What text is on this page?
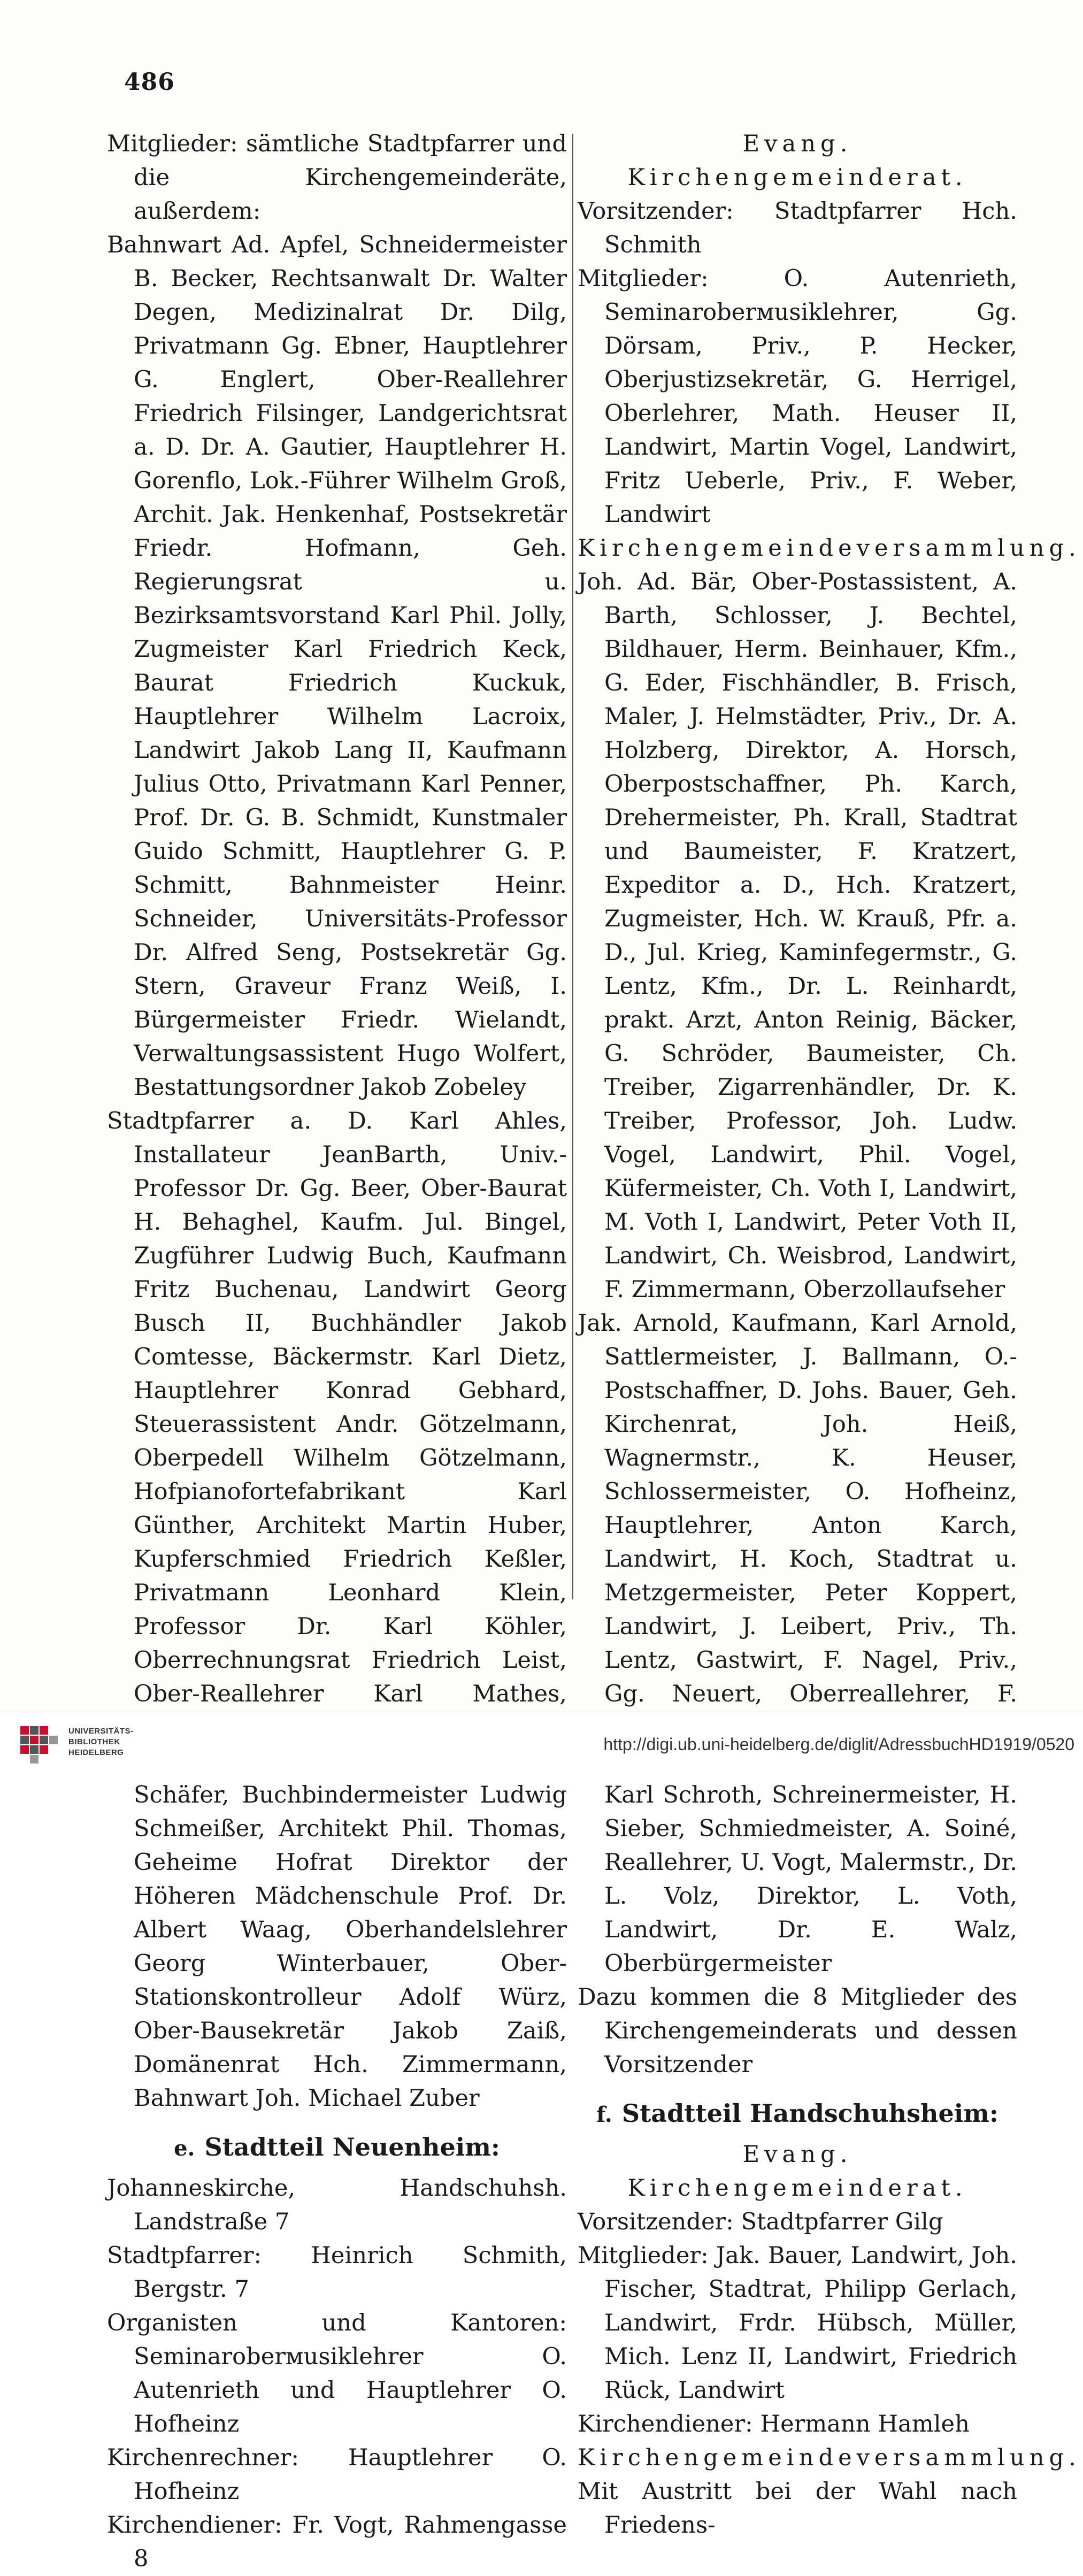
486

Mitglieder: sämtliche Stadtpfarrer und die Kirchengemeinderäte, außerdem:

Bahnwart Ad. Apfel, Schneidermeister B. Becker, Rechtsanwalt Dr. Walter Degen, Medizinalrat Dr. Dilg, Privatmann Gg. Ebner, Hauptlehrer G. Englert, Ober-Reallehrer Friedrich Filsinger, Landgerichtsrat a. D. Dr. A. Gautier, Hauptlehrer H. Gorenflo, Lok.-Führer Wilhelm Groß, Archit. Jak. Henkenhaf, Postsekretär Friedr. Hofmann, Geh. Regierungsrat u. Bezirksamtsvorstand Karl Phil. Jolly, Zugmeister Karl Friedrich Keck, Baurat Friedrich Kuckuk, Hauptlehrer Wilhelm Lacroix, Landwirt Jakob Lang II, Kaufmann Julius Otto, Privatmann Karl Penner, Prof. Dr. G. B. Schmidt, Kunstmaler Guido Schmitt, Hauptlehrer G. P. Schmitt, Bahnmeister Heinr. Schneider, Universitäts-Professor Dr. Alfred Seng, Postsekretär Gg. Stern, Graveur Franz Weiß, I. Bürgermeister Friedr. Wielandt, Verwaltungsassistent Hugo Wolfert, Bestattungsordner Jakob Zobeley

Stadtpfarrer a. D. Karl Ahles, Installateur JeanBarth, Univ.-Professor Dr. Gg. Beer, Ober-Baurat H. Behaghel, Kaufm. Jul. Bingel, Zugführer Ludwig Buch, Kaufmann Fritz Buchenau, Landwirt Georg Busch II, Buchhändler Jakob Comtesse, Bäckermstr. Karl Dietz, Hauptlehrer Konrad Gebhard, Steuerassistent Andr. Götzelmann, Oberpedell Wilhelm Götzelmann, Hofpianofortefabrikant Karl Günther, Architekt Martin Huber, Kupferschmied Friedrich Keßler, Privatmann Leonhard Klein, Professor Dr. Karl Köhler, Oberrechnungsrat Friedrich Leist, Ober-Reallehrer Karl Mathes, Schäfer, Buchbindermeister Ludwig Schmeißer, Architekt Phil. Thomas, Geheime Hofrat Direktor der Höheren Mädchenschule Prof. Dr. Albert Waag, Oberhandelslehrer Georg Winterbauer, Ober-Stationskontrolleur Adolf Würz, Ober-Bausekretär Jakob Zaiß, Domänenrat Hch. Zimmermann, Bahnwart Joh. Michael Zuber

e. Stadtteil Neuenheim:

Johanneskirche, Handschuhsh. Landstraße 7

Stadtpfarrer: Heinrich Schmith, Bergstr. 7

Organisten und Kantoren: Seminaroberмusiklehrer O. Autenrieth und Hauptlehrer O. Hofheinz

Kirchenrechner: Hauptlehrer O. Hofheinz

Kirchendiener: Fr. Vogt, Rahmengasse 8

Evang. Kirchengemeinderat.

Vorsitzender: Stadtpfarrer Hch. Schmith

Mitglieder: O. Autenrieth, Seminaroberмusiklehrer, Gg. Dörsam, Priv., P. Hecker, Oberjustizsekretär, G. Herrigel, Oberlehrer, Math. Heuser II, Landwirt, Martin Vogel, Landwirt, Fritz Ueberle, Priv., F. Weber, Landwirt

Kirchengemeindeversammlung.

Joh. Ad. Bär, Ober-Postassistent, A. Barth, Schlosser, J. Bechtel, Bildhauer, Herm. Beinhauer, Kfm., G. Eder, Fischhändler, B. Frisch, Maler, J. Helmstädter, Priv., Dr. A. Holzberg, Direktor, A. Horsch, Oberpostschaffner, Ph. Karch, Drehermeister, Ph. Krall, Stadtrat und Baumeister, F. Kratzert, Expeditor a. D., Hch. Kratzert, Zugmeister, Hch. W. Krauß, Pfr. a. D., Jul. Krieg, Kaminfegermstr., G. Lentz, Kfm., Dr. L. Reinhardt, prakt. Arzt, Anton Reinig, Bäcker, G. Schröder, Baumeister, Ch. Treiber, Zigarrenhändler, Dr. K. Treiber, Professor, Joh. Ludw. Vogel, Landwirt, Phil. Vogel, Küfermeister, Ch. Voth I, Landwirt, M. Voth I, Landwirt, Peter Voth II, Landwirt, Ch. Weisbrod, Landwirt, F. Zimmermann, Oberzollaufseher

Jak. Arnold, Kaufmann, Karl Arnold, Sattlermeister, J. Ballmann, O.-Postschaffner, D. Johs. Bauer, Geh. Kirchenrat, Joh. Heiß, Wagnermstr., K. Heuser, Schlossermeister, O. Hofheinz, Hauptlehrer, Anton Karch, Landwirt, H. Koch, Stadtrat u. Metzgermeister, Peter Koppert, Landwirt, J. Leibert, Priv., Th. Lentz, Gastwirt, F. Nagel, Priv., Gg. Neuert, Oberreallehrer, F. Karl Schroth, Schreinermeister, H. Sieber, Schmiedmeister, A. Soiné, Reallehrer, U. Vogt, Malermstr., Dr. L. Volz, Direktor, L. Voth, Landwirt, Dr. E. Walz, Oberbürgermeister

Dazu kommen die 8 Mitglieder des Kirchengemeinderats und dessen Vorsitzender

f. Stadtteil Handschuhsheim:

Evang. Kirchengemeinderat.

Vorsitzender: Stadtpfarrer Gilg

Mitglieder: Jak. Bauer, Landwirt, Joh. Fischer, Stadtrat, Philipp Gerlach, Landwirt, Frdr. Hübsch, Müller, Mich. Lenz II, Landwirt, Friedrich Rück, Landwirt

Kirchendiener: Hermann Hamleh

Kirchengemeindeversammlung.

Mit Austritt bei der Wahl nach Friedens-

UNIVERSITÄTS-
BIBLIOTHEK
HEIDELBERG	http://digi.ub.uni-heidelberg.de/diglit/AdressbuchHD1919/0520
